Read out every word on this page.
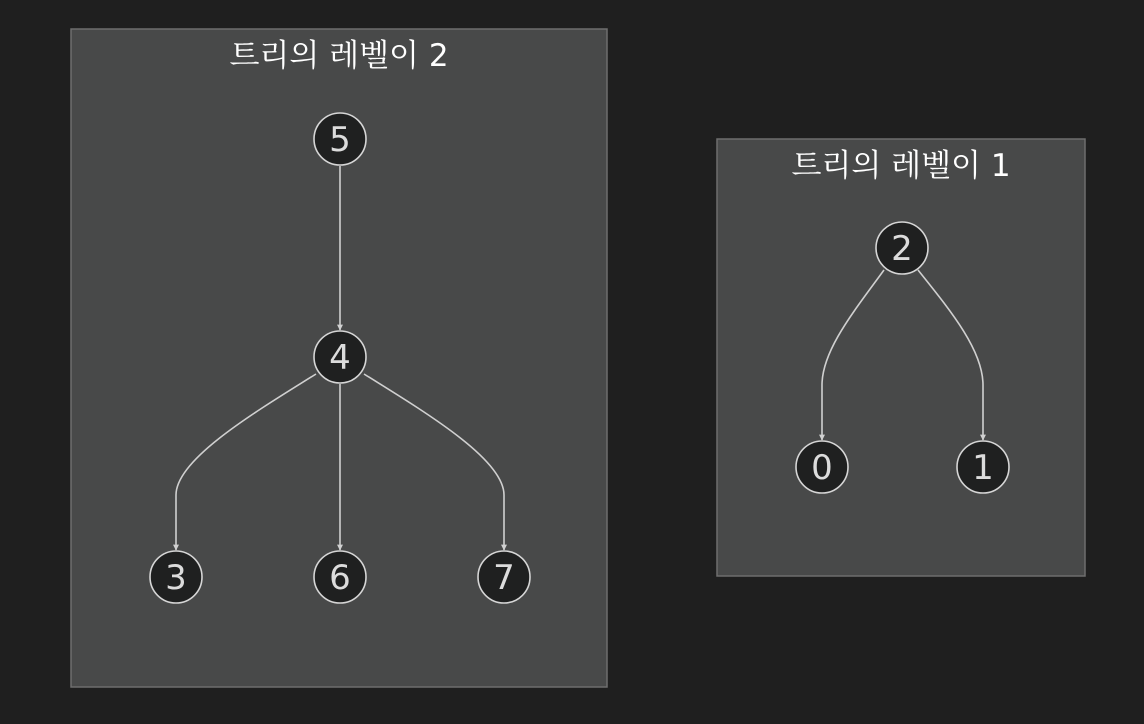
트리의 레벨이 2
트리의 레벨이 1
5
4
3	6	7
2
0	1
